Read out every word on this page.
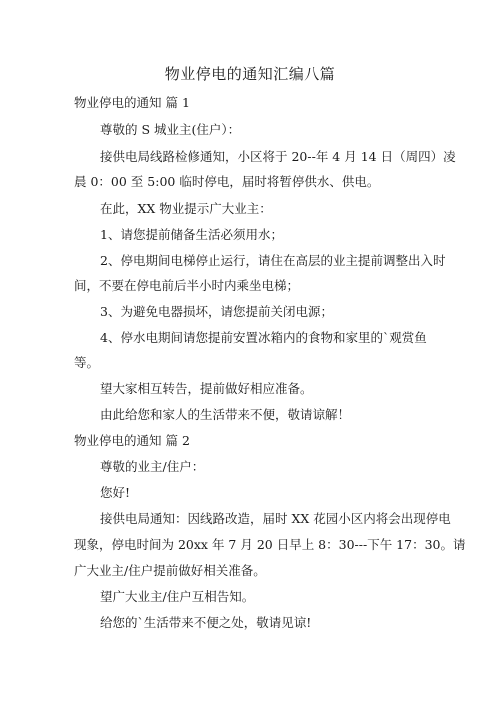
物业停电的通知汇编八篇
物业停电的通知 篇 1
尊敬的 S 城业主(住户）：
接供电局线路检修通知，小区将于 20--年 4 月 14 日（周四）凌
晨 0：00 至 5:00 临时停电，届时将暂停供水、供电。
在此，XX 物业提示广大业主：
1、请您提前储备生活必须用水；
2、停电期间电梯停止运行，请住在高层的业主提前调整出入时
间，不要在停电前后半小时内乘坐电梯；
3、为避免电器损坏，请您提前关闭电源；
4、停水电期间请您提前安置冰箱内的食物和家里的`观赏鱼
等。
望大家相互转告，提前做好相应准备。
由此给您和家人的生活带来不便，敬请谅解！
物业停电的通知 篇 2
尊敬的业主/住户：
您好!
接供电局通知：因线路改造，届时 XX 花园小区内将会出现停电
现象，停电时间为 20xx 年 7 月 20 日早上 8：30---下午 17：30。请
广大业主/住户提前做好相关准备。
望广大业主/住户互相告知。
给您的`生活带来不便之处，敬请见谅!
